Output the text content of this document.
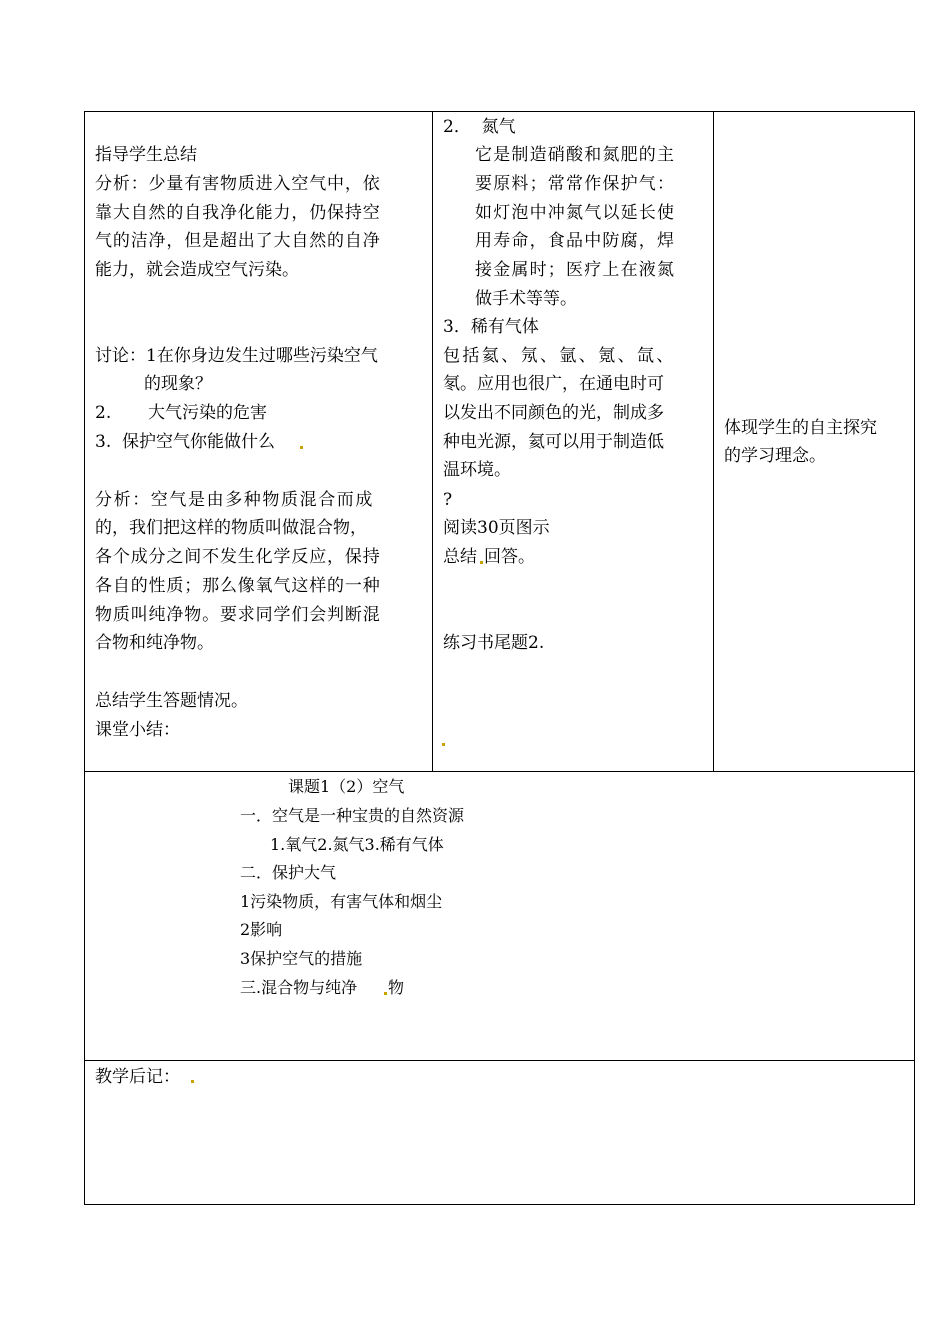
指导学生总结
分析：少量有害物质进入空气中，依
靠大自然的自我净化能力，仍保持空
气的洁净，但是超出了大自然的自净
能力，就会造成空气污染。
讨论：1在你身边发生过哪些污染空气
的现象？
2. 大气污染的危害
3.  保护空气你能做什么
分析：空气是由多种物质混合而成
的，我们把这样的物质叫做混合物，
各个成分之间不发生化学反应，保持
各自的性质；那么像氧气这样的一种
物质叫纯净物。要求同学们会判断混
合物和纯净物。
总结学生答题情况。
课堂小结：
2．  氮气
它是制造硝酸和氮肥的主
要原料；常常作保护气：
如灯泡中冲氮气以延长使
用寿命，食品中防腐，焊
接金属时；医疗上在液氮
做手术等等。
3．稀有气体
包括氦、氖、氩、氪、氙、
氡。应用也很广，在通电时可
以发出不同颜色的光，制成多
种电光源，氦可以用于制造低
温环境。
?
阅读30页图示
总结 回答。
练习书尾题2.
体现学生的自主探究
的学习理念。
课题1（2）空气
一．空气是一种宝贵的自然资源
1.氧气2.氮气3.稀有气体
二．保护大气
1污染物质，有害气体和烟尘
2影响
3保护空气的措施
三.混合物与纯净 物
教学后记：
